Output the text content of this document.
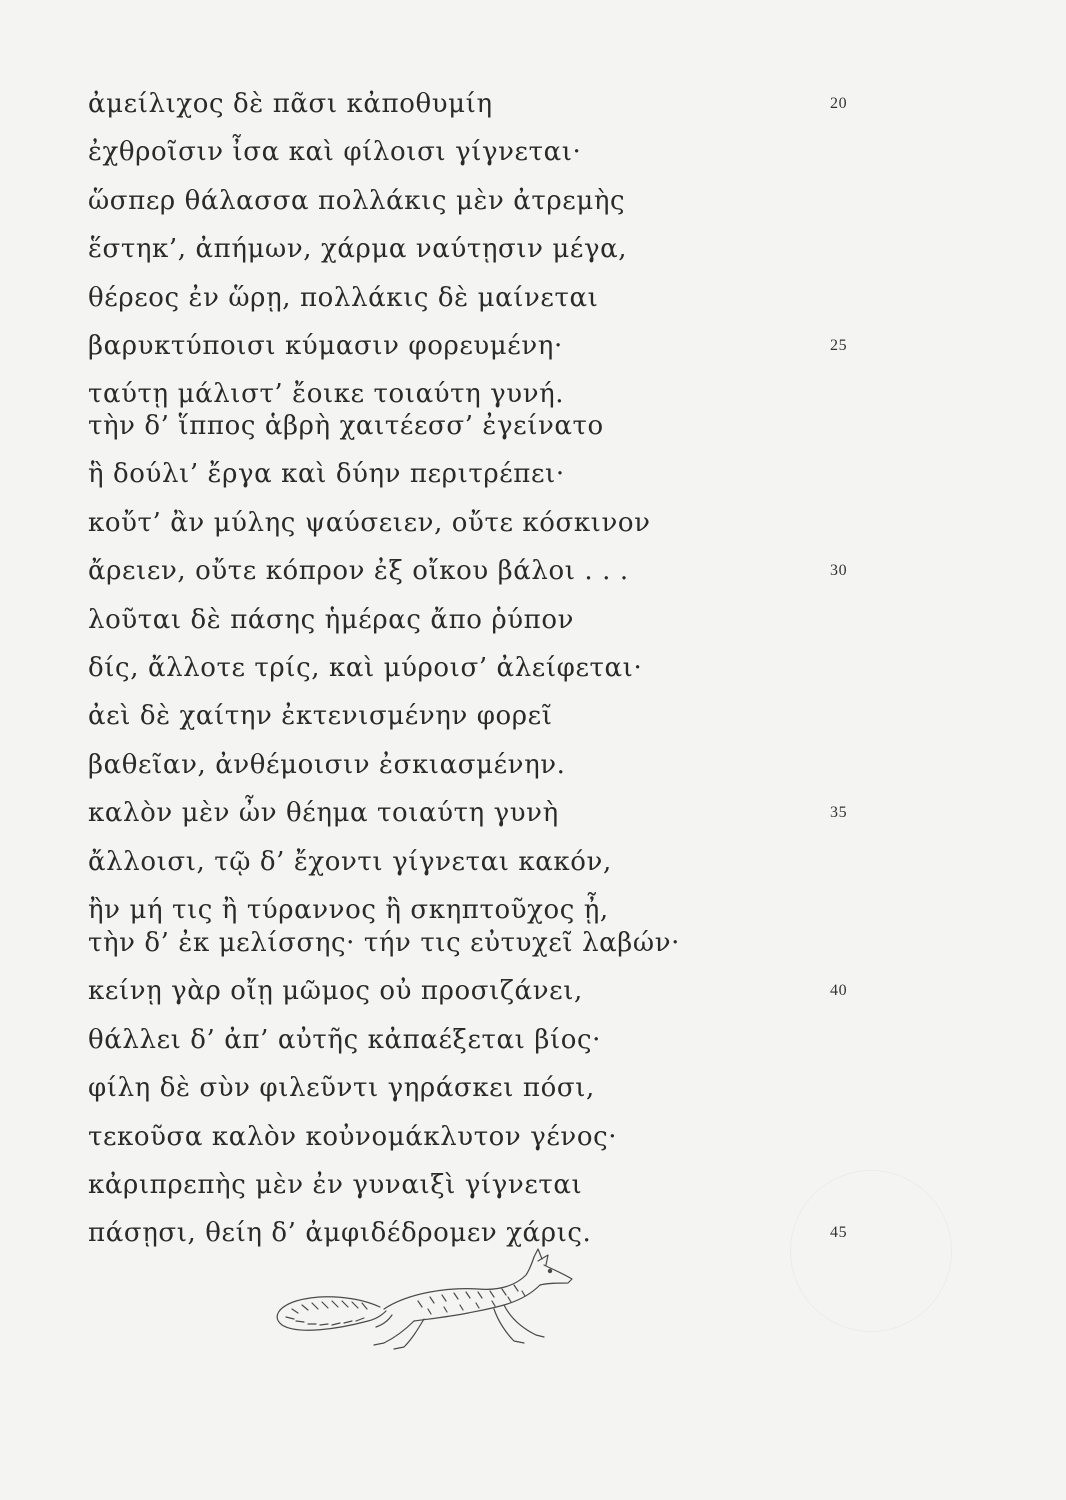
ἀμείλιχος δὲ πᾶσι κἀποθυμίη	20
ἐχθροῖσιν ἶσα καὶ φίλοισι γίγνεται·
ὥσπερ θάλασσα πολλάκις μὲν ἀτρεμὴς
ἕστηκ’, ἀπήμων, χάρμα ναύτῃσιν μέγα,
θέρεος ἐν ὥρῃ, πολλάκις δὲ μαίνεται
βαρυκτύποισι κύμασιν φορευμένη·	25
ταύτῃ μάλιστ’ ἔοικε τοιαύτη γυνή.
τὴν δ’ ἵππος ἁβρὴ χαιτέεσσ’ ἐγείνατο
ἣ δούλι’ ἔργα καὶ δύην περιτρέπει·
κοὔτ’ ἂν μύλης ψαύσειεν, οὔτε κόσκινον
ἄρειεν, οὔτε κόπρον ἐξ οἴκου βάλοι . . .	30
λοῦται δὲ πάσης ἡμέρας ἄπο ῥύπον
δίς, ἄλλοτε τρίς, καὶ μύροισ’ ἀλείφεται·
ἀεὶ δὲ χαίτην ἐκτενισμένην φορεῖ
βαθεῖαν, ἀνθέμοισιν ἐσκιασμένην.
καλὸν μὲν ὦν θέημα τοιαύτη γυνὴ	35
ἄλλοισι, τῷ δ’ ἔχοντι γίγνεται κακόν,
ἢν μή τις ἢ τύραννος ἢ σκηπτοῦχος ᾖ,
τὴν δ’ ἐκ μελίσσης· τήν τις εὐτυχεῖ λαβών·
κείνῃ γὰρ οἴῃ μῶμος οὐ προσιζάνει,	40
θάλλει δ’ ἀπ’ αὐτῆς κἀπαέξεται βίος·
φίλη δὲ σὺν φιλεῦντι γηράσκει πόσι,
τεκοῦσα καλὸν κοὐνομάκλυτον γένος·
κἀριπρεπὴς μὲν ἐν γυναιξὶ γίγνεται
πάσῃσι, θείη δ’ ἀμφιδέδρομεν χάρις.	45
